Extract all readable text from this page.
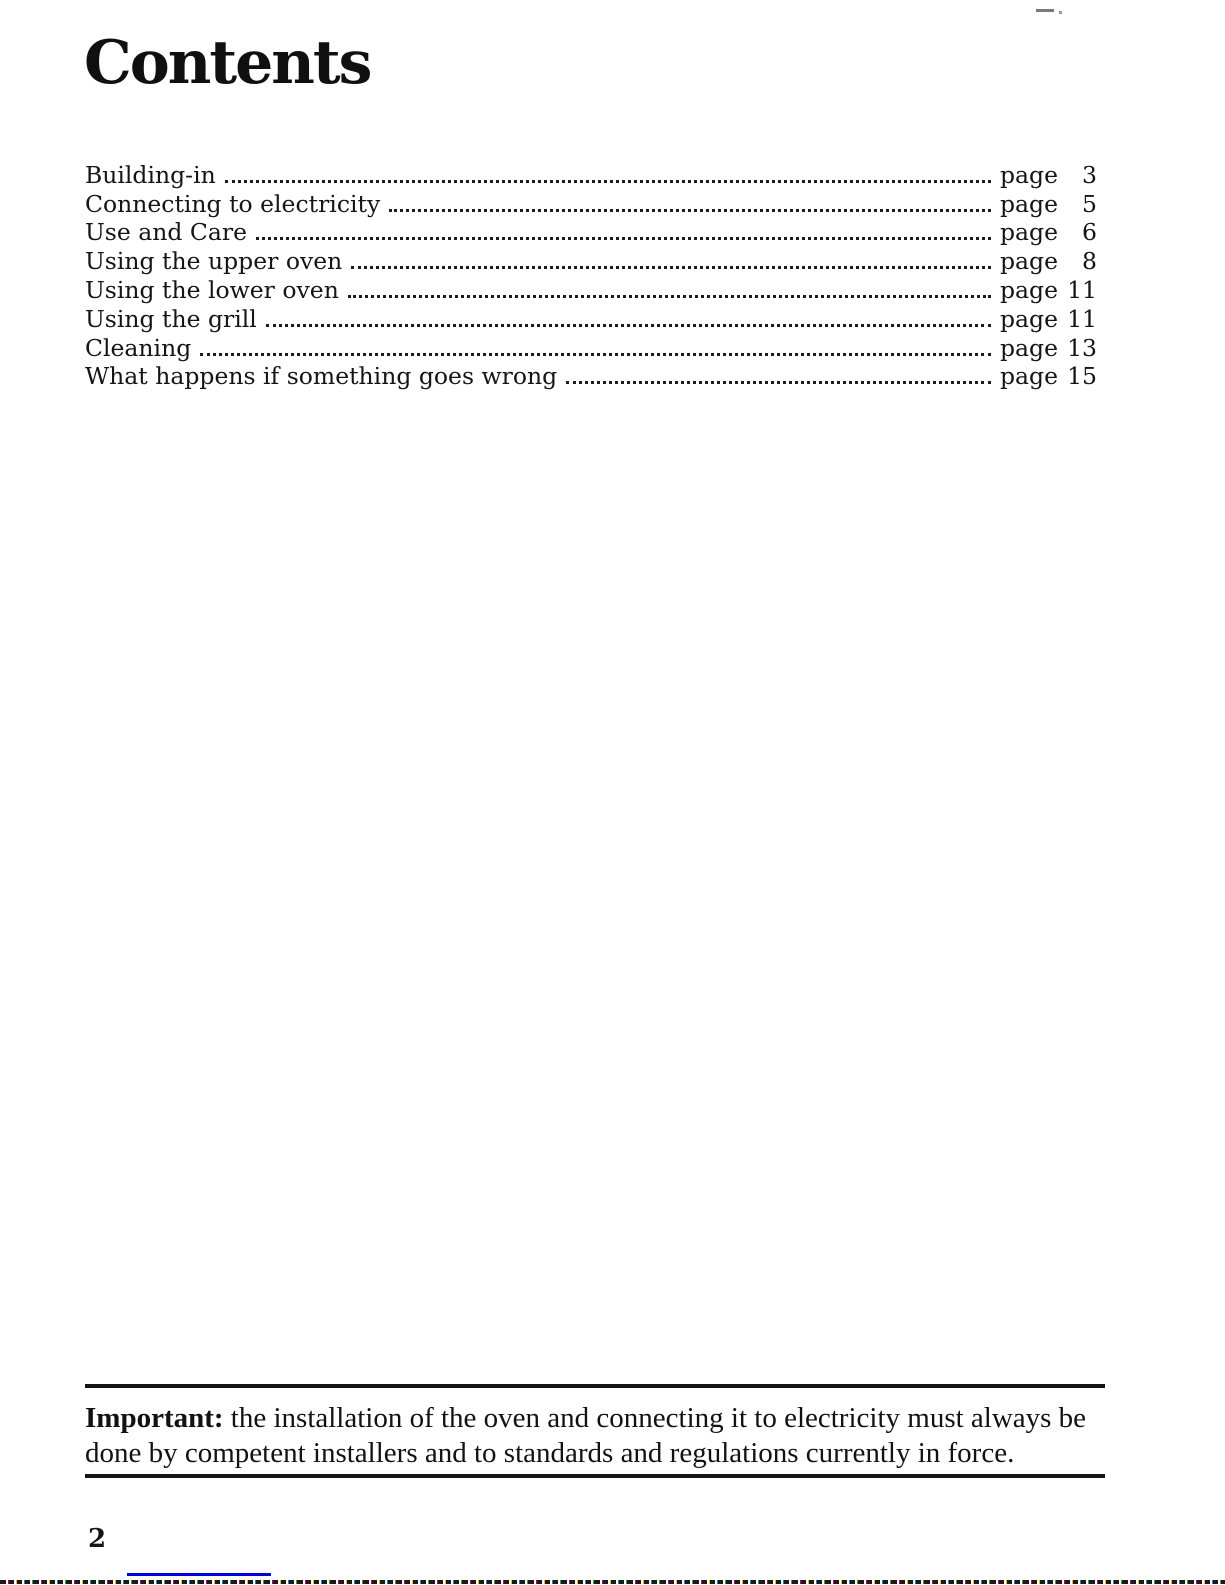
Contents
Building-in	page	3
Connecting to electricity	page	5
Use and Care	page	6
Using the upper oven	page	8
Using the lower oven	page 11
Using the grill	page 11
Cleaning	page 13
What happens if something goes wrong	page 15

Important: the installation of the oven and connecting it to electricity must always be done by competent installers and to standards and regulations currently in force.

2
